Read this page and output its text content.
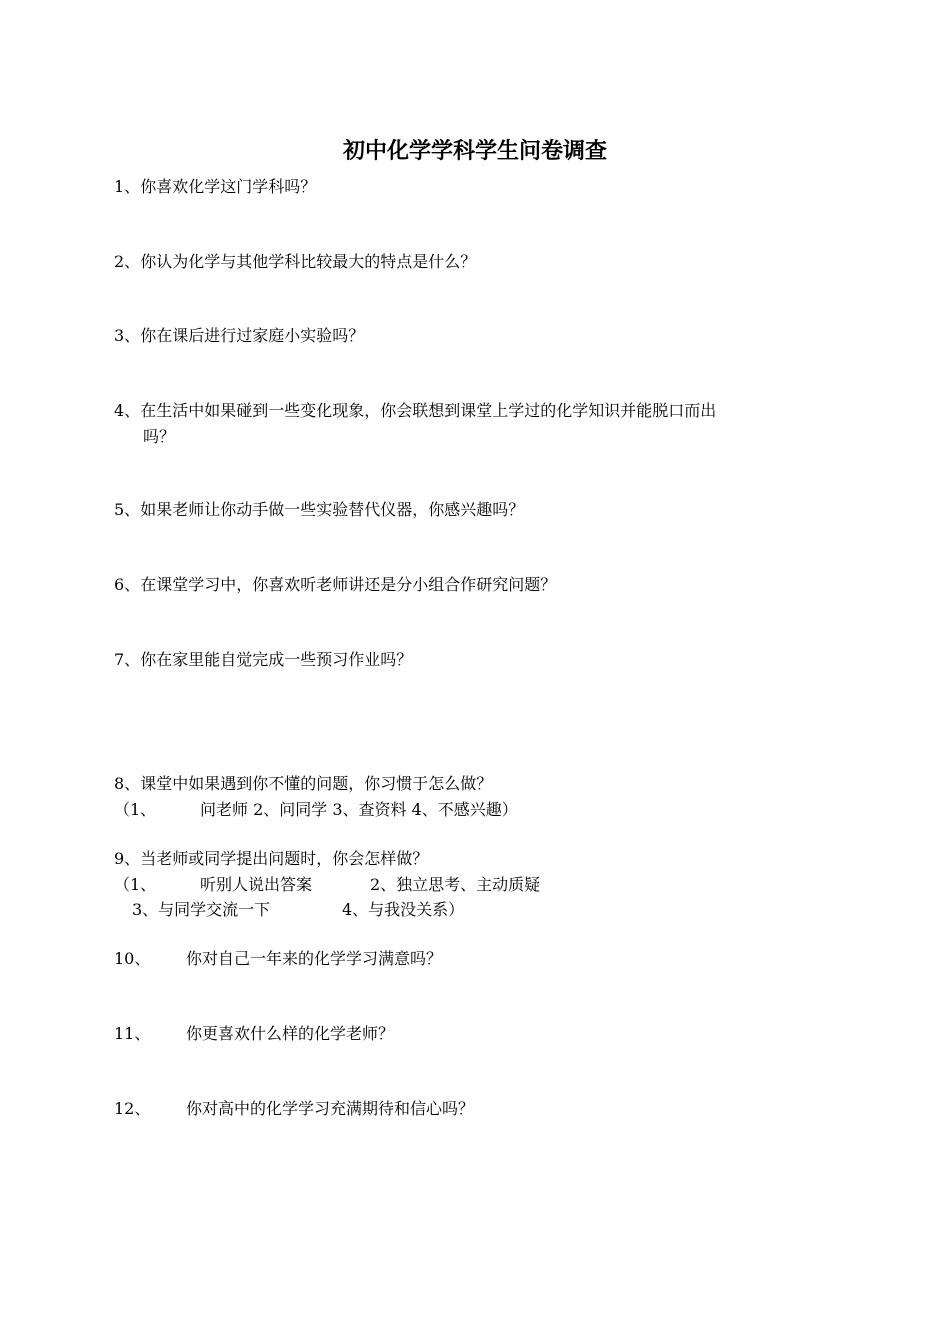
初中化学学科学生问卷调查
1、你喜欢化学这门学科吗？
2、你认为化学与其他学科比较最大的特点是什么？
3、你在课后进行过家庭小实验吗？
4、在生活中如果碰到一些变化现象，你会联想到课堂上学过的化学知识并能脱口而出
吗？
5、如果老师让你动手做一些实验替代仪器，你感兴趣吗？
6、在课堂学习中，你喜欢听老师讲还是分小组合作研究问题？
7、你在家里能自觉完成一些预习作业吗？
8、课堂中如果遇到你不懂的问题，你习惯于怎么做？
（1、	问老师 2、问同学 3、查资料 4、不感兴趣）
9、当老师或同学提出问题时，你会怎样做？
（1、	听别人说出答案	2、独立思考、主动质疑
3、与同学交流一下	4、与我没关系）
10、 你对自己一年来的化学学习满意吗？
11、 你更喜欢什么样的化学老师？
12、 你对高中的化学学习充满期待和信心吗？
